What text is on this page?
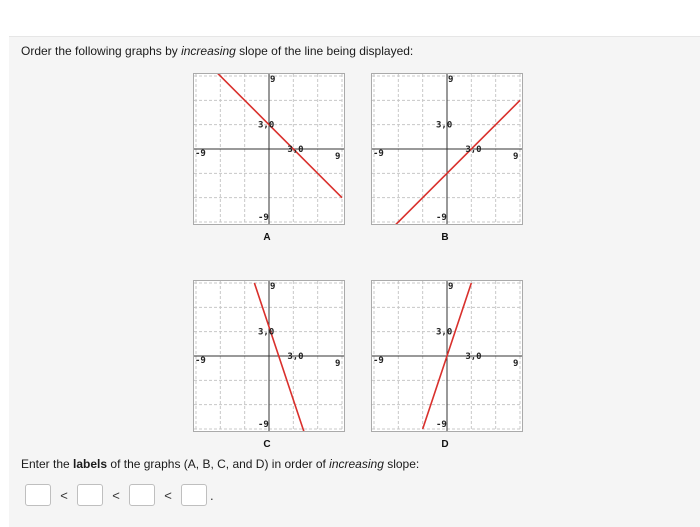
Order the following graphs by increasing slope of the line being displayed:
-9	9
9
-9
3,0
3,0
A
-9	9
9
-9
3,0
3,0
B
-9	9
9
-9
3,0
3,0
C
-9	9
9
-9
3,0
3,0
D
Enter the labels of the graphs (A, B, C, and D) in order of increasing slope:
<	<	<	.
